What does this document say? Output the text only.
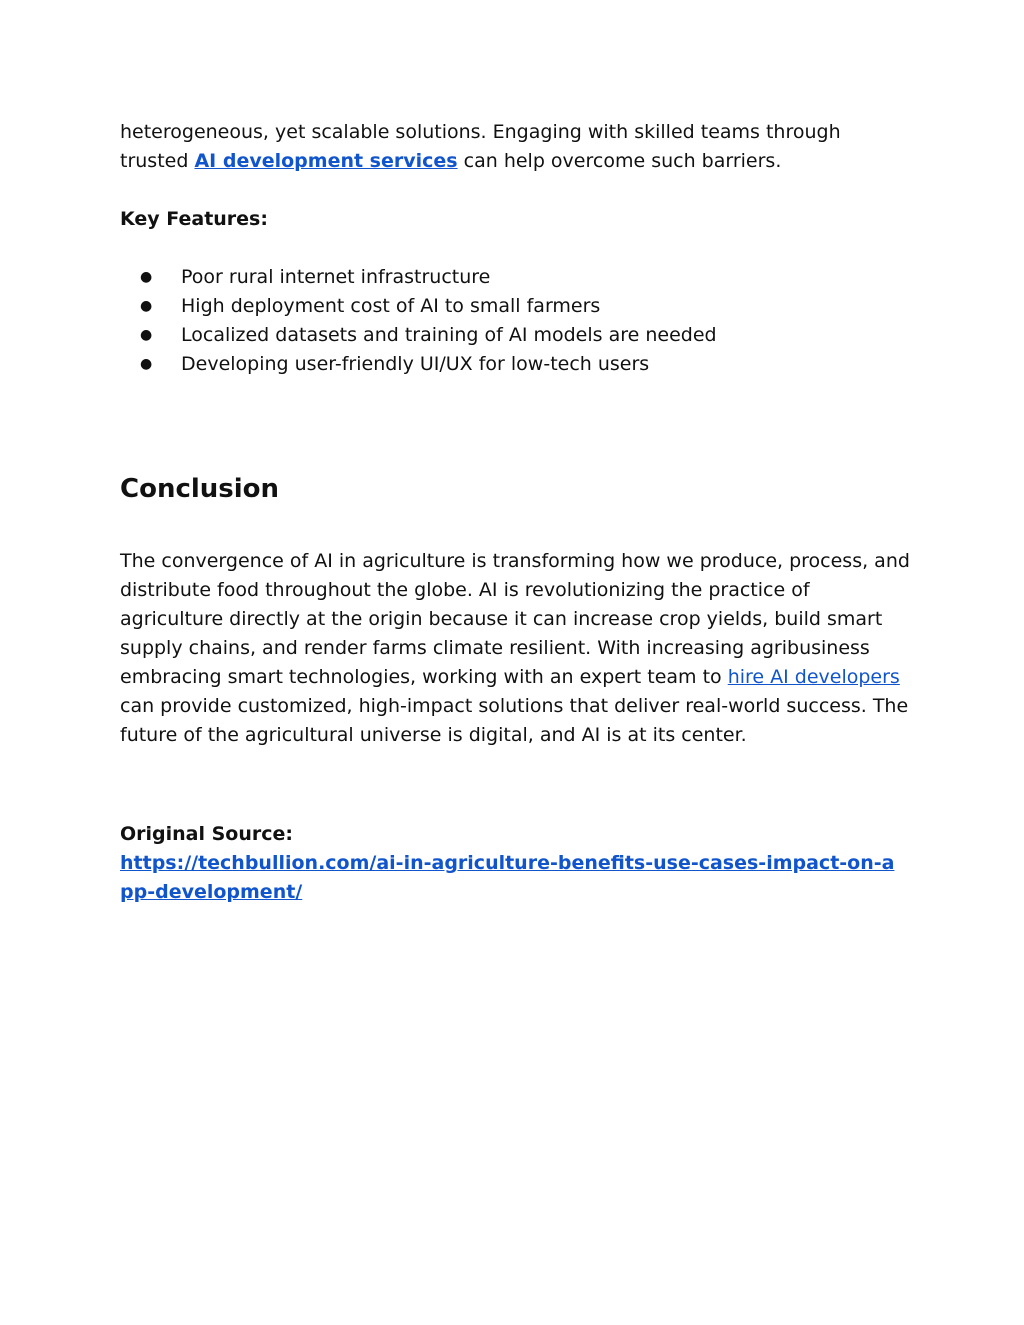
heterogeneous, yet scalable solutions. Engaging with skilled teams through trusted AI development services can help overcome such barriers.

Key Features:

● Poor rural internet infrastructure
● High deployment cost of AI to small farmers
● Localized datasets and training of AI models are needed
● Developing user-friendly UI/UX for low-tech users
Conclusion

The convergence of AI in agriculture is transforming how we produce, process, and distribute food throughout the globe. AI is revolutionizing the practice of agriculture directly at the origin because it can increase crop yields, build smart supply chains, and render farms climate resilient. With increasing agribusiness embracing smart technologies, working with an expert team to hire AI developers can provide customized, high-impact solutions that deliver real-world success. The future of the agricultural universe is digital, and AI is at its center.

Original Source:

https://techbullion.com/ai-in-agriculture-benefits-use-cases-impact-on-app-development/
